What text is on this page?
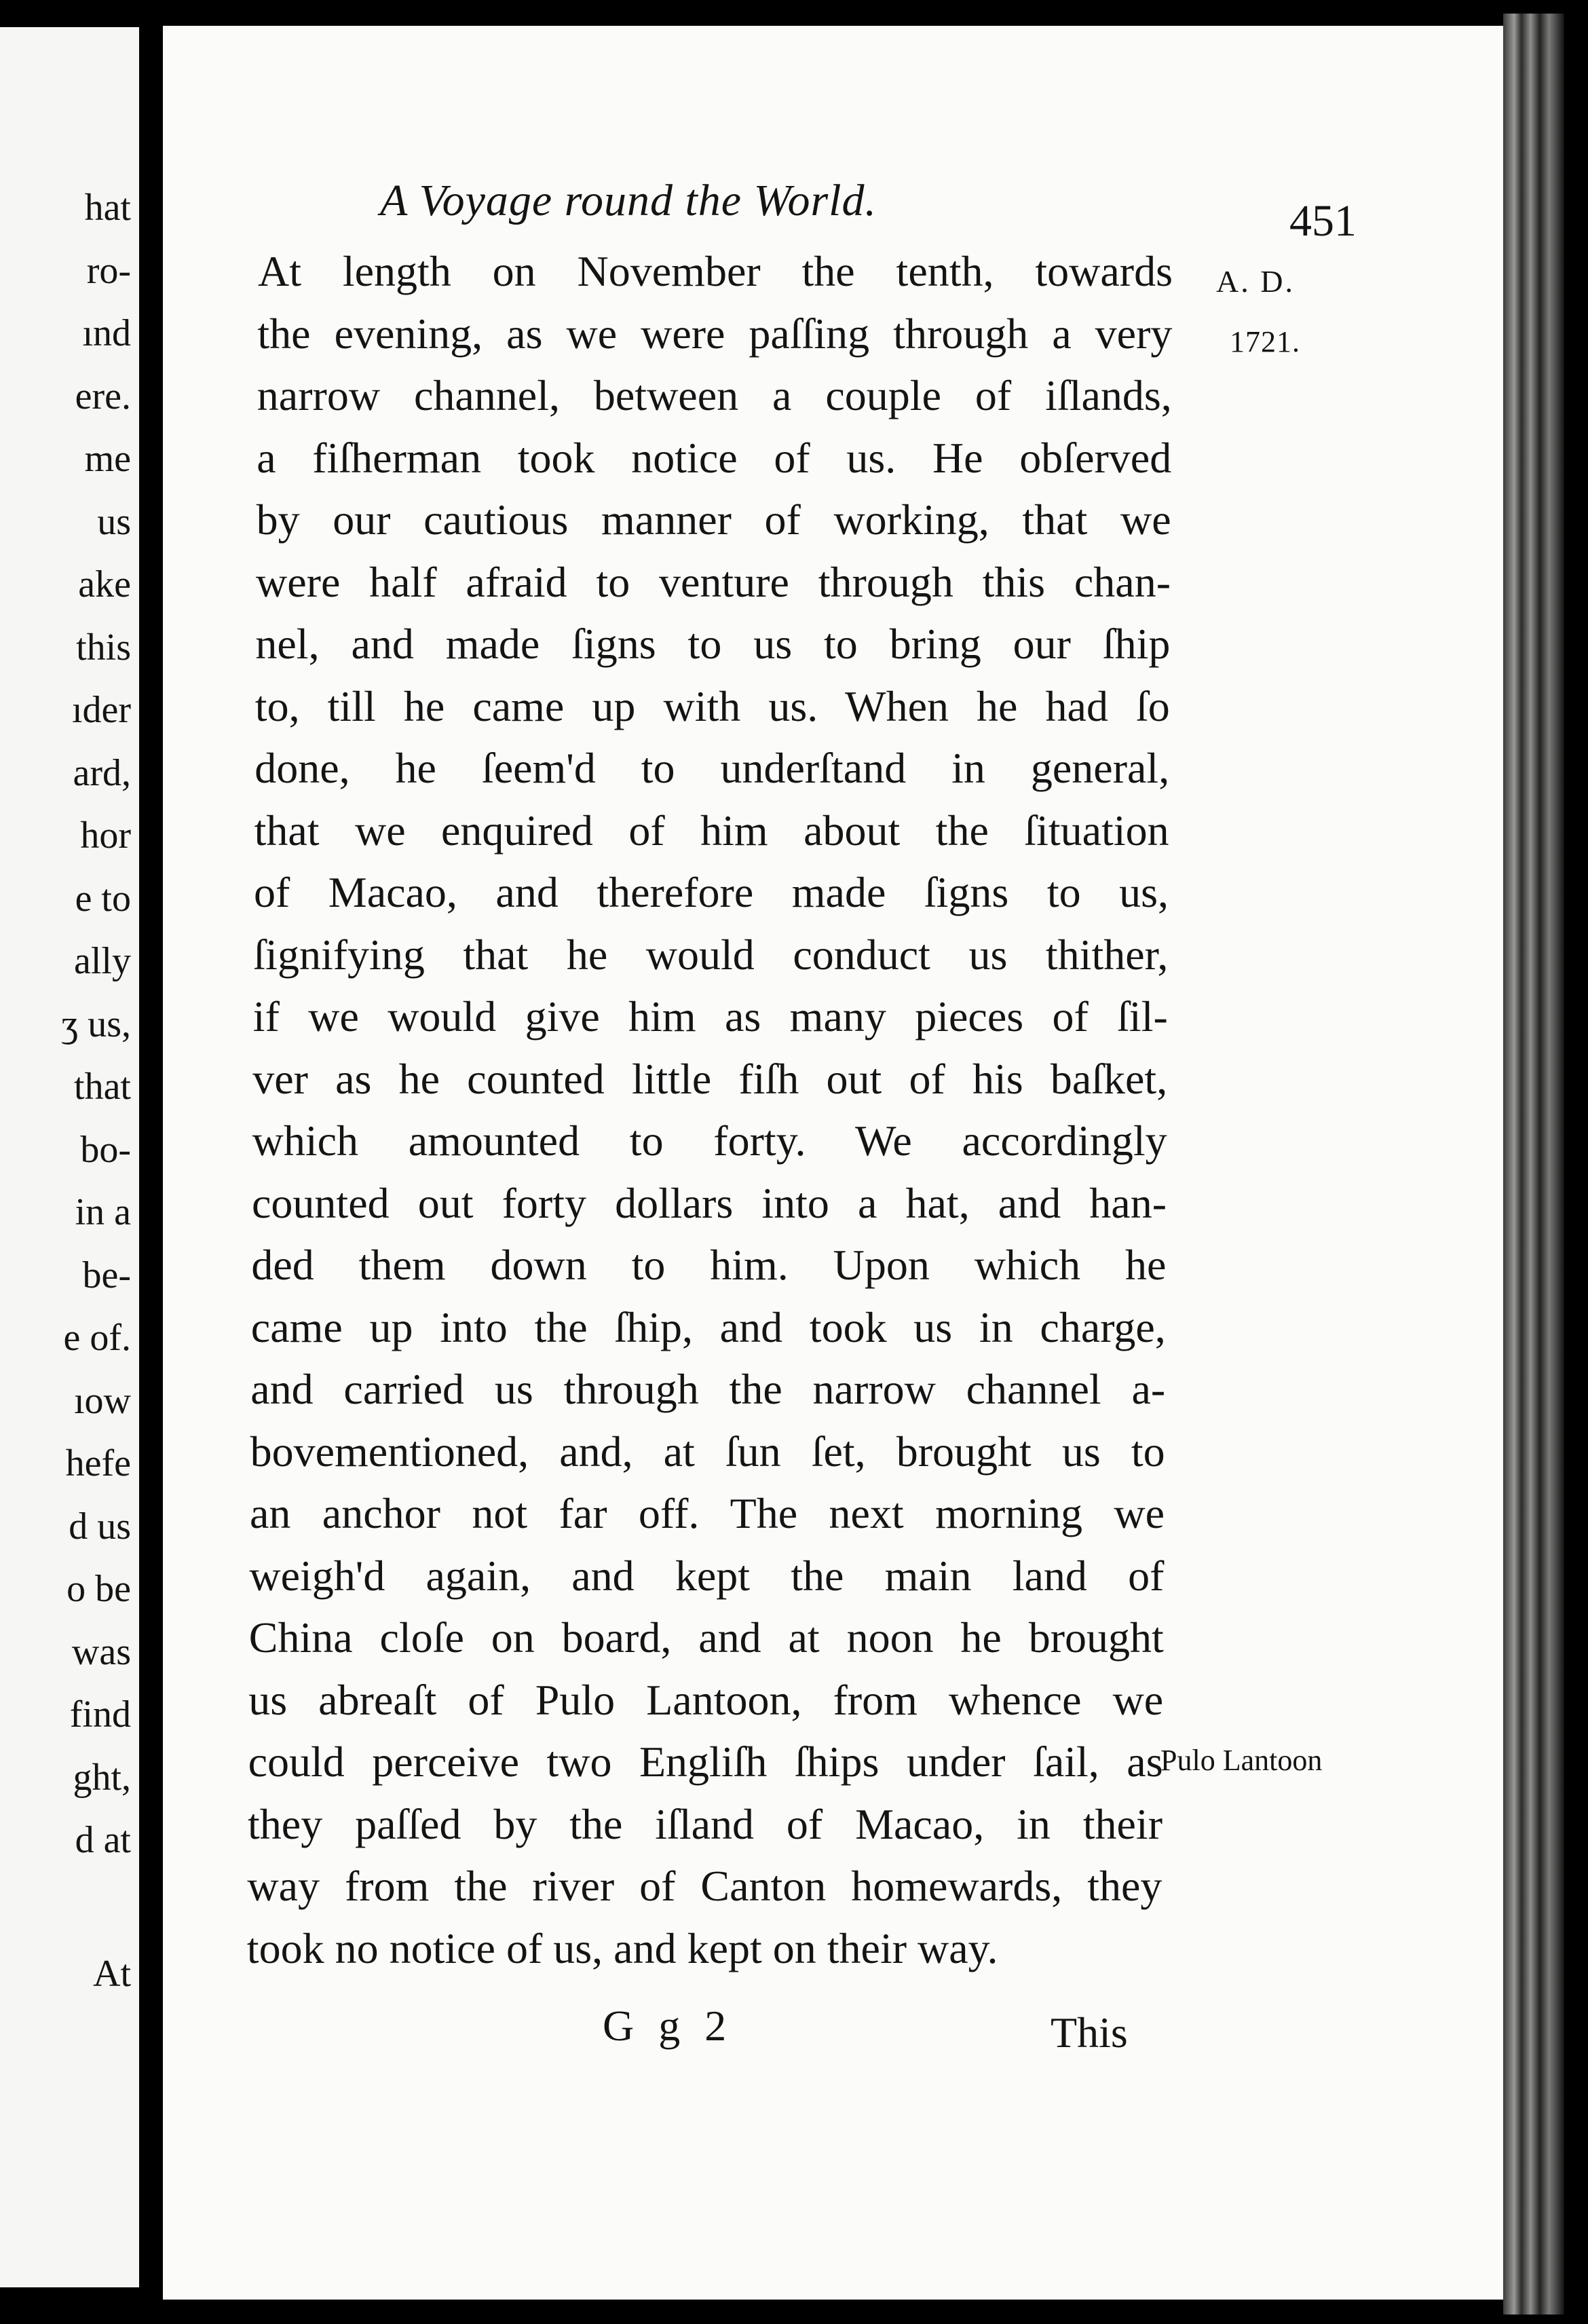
hat
ro-
ınd
ere.
me
us
ake
this
ıder
ard,
hor
e to
ally
ʒ us,
that
bo-
in a
be-
e of.
ıow
hefe
d us
o be
was
find
ght,
d at
At
A Voyage round the World.	451
A. D.
1721.
Pulo Lantoon
At length on November the tenth, towards
the evening, as we were paſſing through a very
narrow channel, between a couple of iſlands,
a fiſherman took notice of us. He obſerved
by our cautious manner of working, that we
were half afraid to venture through this chan-
nel, and made ſigns to us to bring our ſhip
to, till he came up with us. When he had ſo
done, he ſeem'd to underſtand in general,
that we enquired of him about the ſituation
of Macao, and therefore made ſigns to us,
ſignifying that he would conduct us thither,
if we would give him as many pieces of ſil-
ver as he counted little fiſh out of his baſket,
which amounted to forty. We accordingly
counted out forty dollars into a hat, and han-
ded them down to him. Upon which he
came up into the ſhip, and took us in charge,
and carried us through the narrow channel a-
bovementioned, and, at ſun ſet, brought us to
an anchor not far off. The next morning we
weigh'd again, and kept the main land of
China cloſe on board, and at noon he brought
us abreaſt of Pulo Lantoon, from whence we
could perceive two Engliſh ſhips under ſail, as
they paſſed by the iſland of Macao, in their
way from the river of Canton homewards, they
took no notice of us, and kept on their way.
G g 2	This
